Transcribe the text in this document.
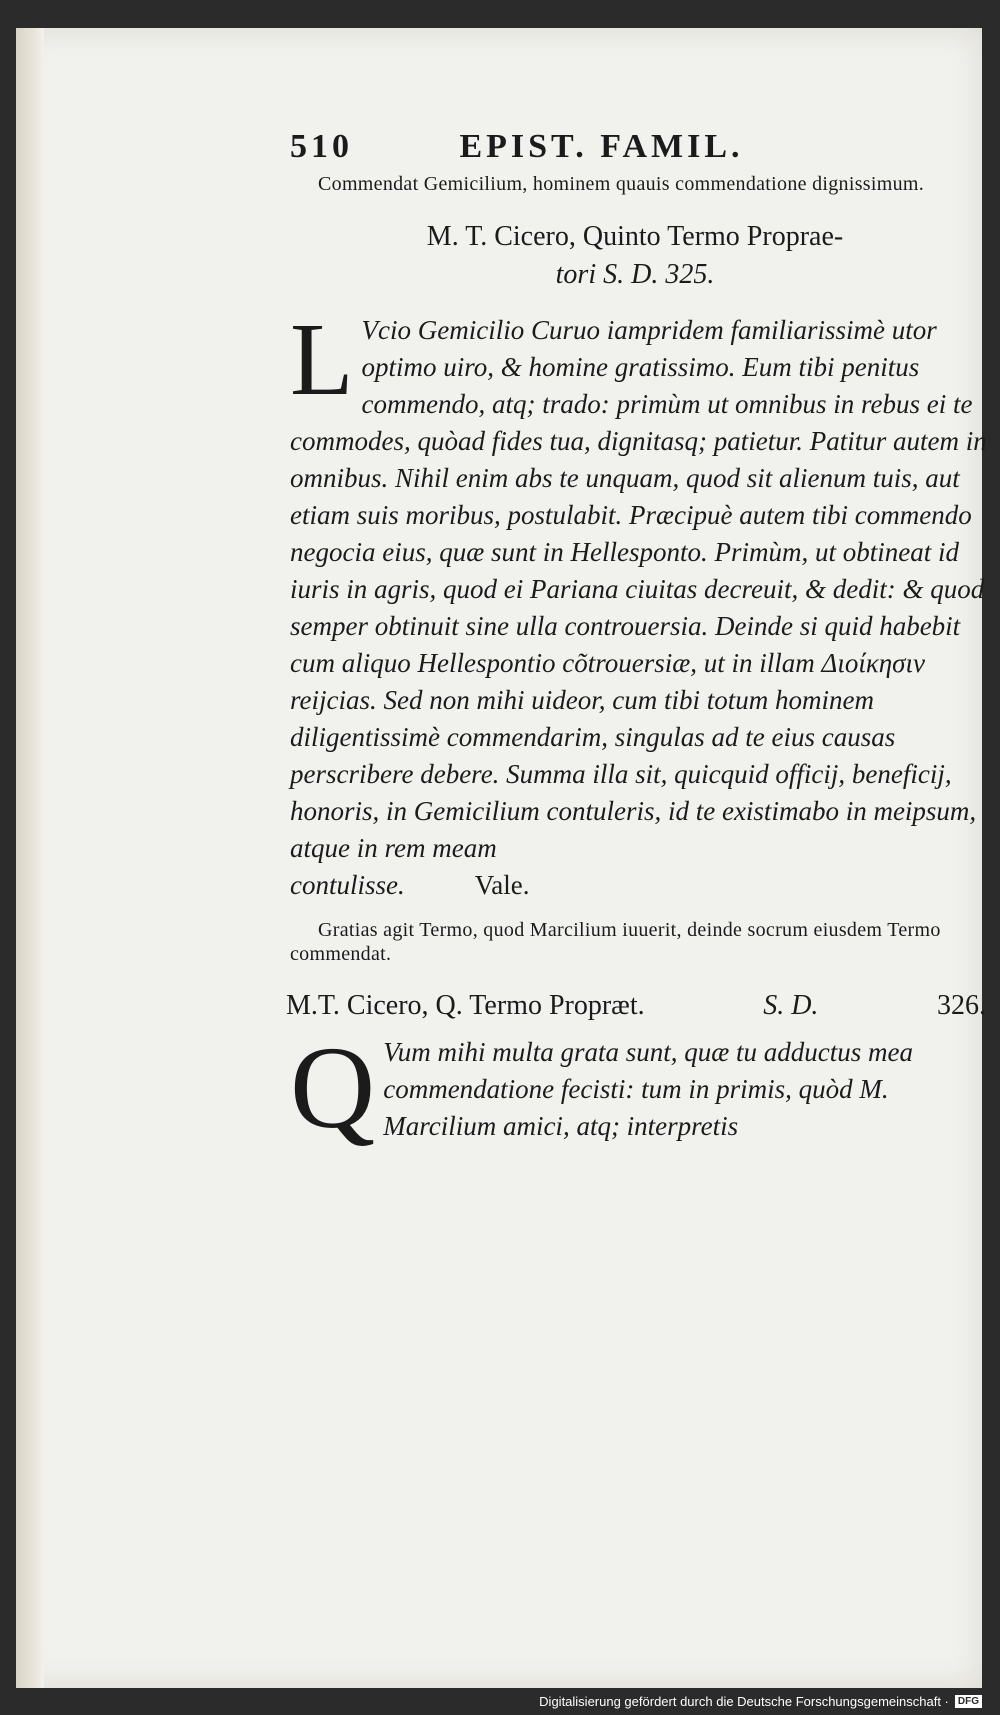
510	EPIST. FAMIL.

Commendat Gemicilium, hominem quauis commendatione dignissimum.

M. T. Cicero, Quinto Termo Proprae-
tori S. D. 325.

L Vcio Gemicilio Curuo iampridem familiarissimè utor optimo uiro, & homine gratissimo. Eum tibi penitus commendo, atq; trado: primùm ut omnibus in rebus ei te commodes, quòad fides tua, dignitasq; patietur. Patitur autem in omnibus. Nihil enim abs te unquam, quod sit alienum tuis, aut etiam suis moribus, postulabit. Præcipuè autem tibi commendo negocia eius, quæ sunt in Hellesponto. Primùm, ut obtineat id iuris in agris, quod ei Pariana ciuitas decreuit, & dedit: & quod semper obtinuit sine ulla controuersia. Deinde si quid habebit cum aliquo Hellespontio cõtrouersiæ, ut in illam Διοίκησιν reijcias. Sed non mihi uideor, cum tibi totum hominem diligentissimè commendarim, singulas ad te eius causas perscribere debere. Summa illa sit, quicquid officij, beneficij, honoris, in Gemicilium contuleris, id te existimabo in meipsum, atque in rem meam

contulisse.	Vale.

Gratias agit Termo, quod Marcilium iuuerit, deinde socrum eiusdem Termo commendat.

M.T. Cicero, Q. Termo Propræt.	S. D.	326.

Q Vum mihi multa grata sunt, quæ tu adductus mea commendatione fecisti: tum in primis, quòd M. Marcilium amici, atq; interpretis

Digitalisierung gefördert durch die Deutsche Forschungsgemeinschaft · DFG
